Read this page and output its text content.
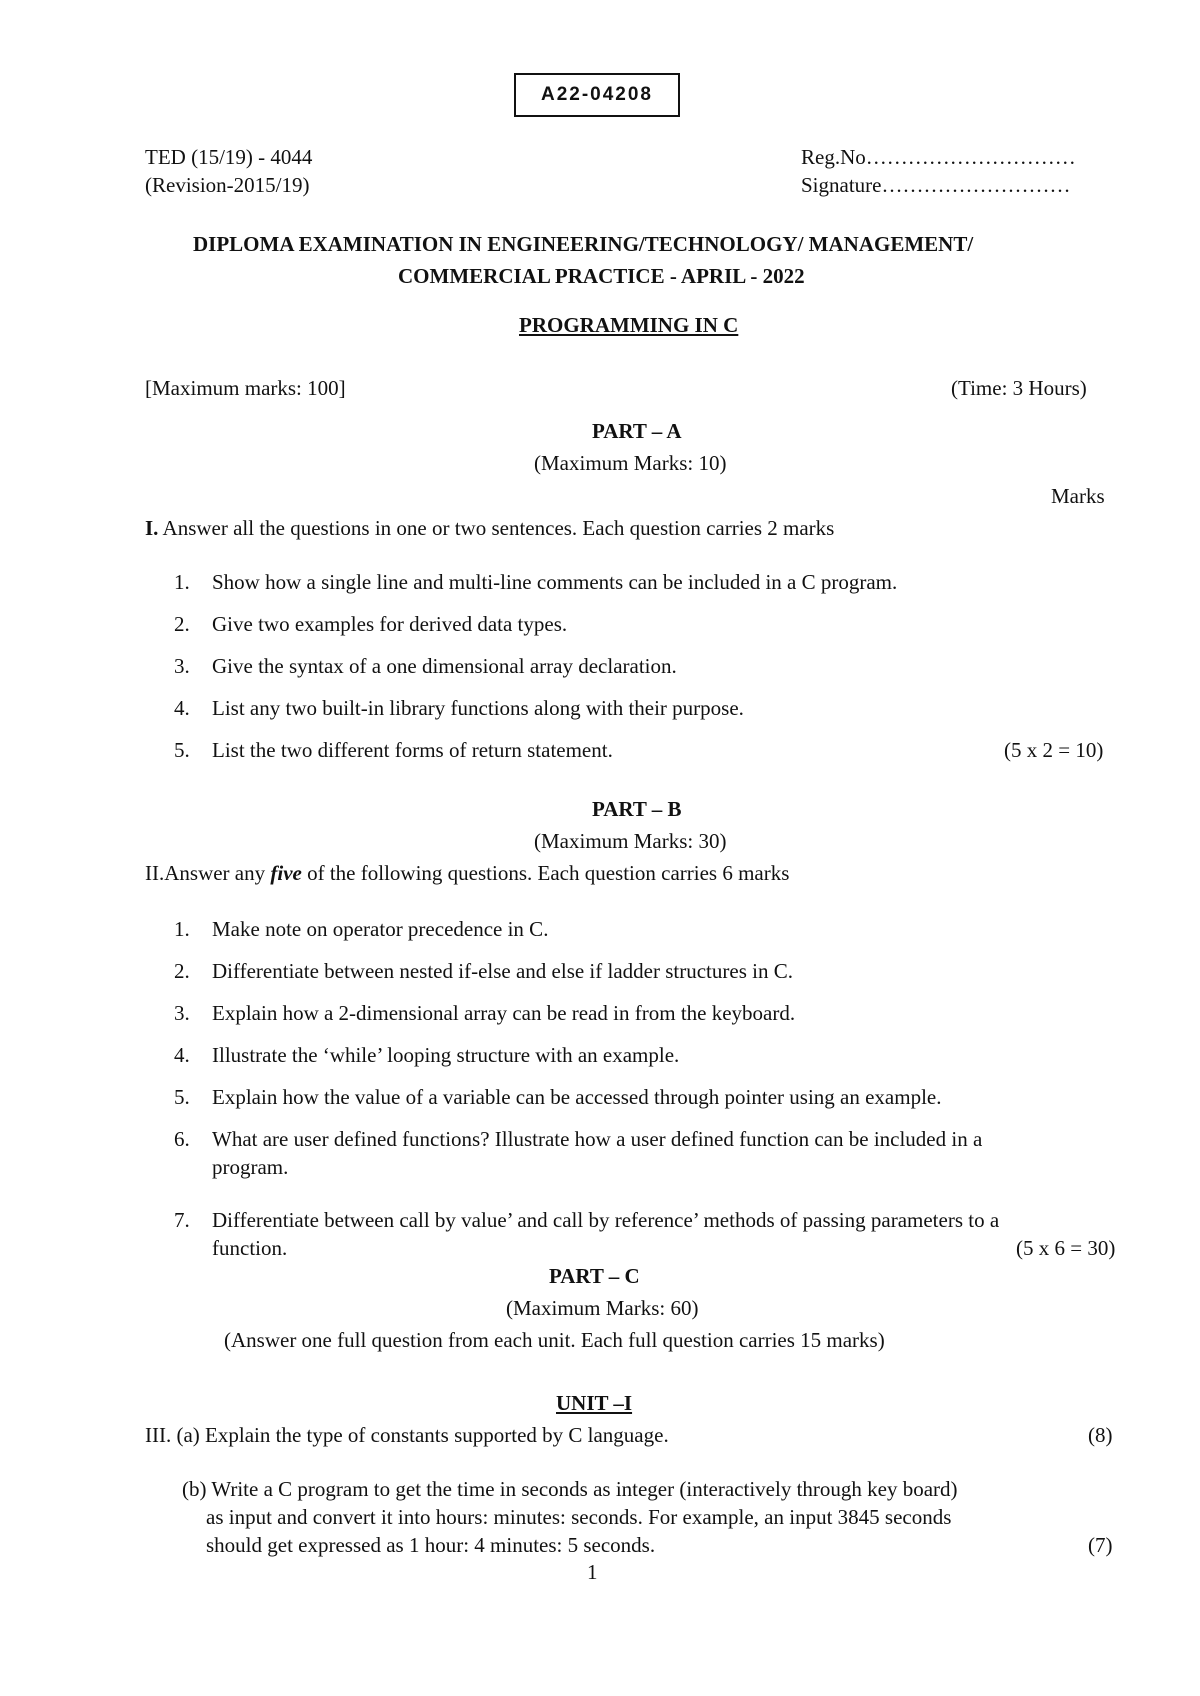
A22-04208
TED (15/19) - 4044
(Revision-2015/19)
Reg.No…………………………
Signature………………………
DIPLOMA EXAMINATION IN ENGINEERING/TECHNOLOGY/ MANAGEMENT/
COMMERCIAL PRACTICE - APRIL - 2022
PROGRAMMING IN C
[Maximum marks: 100]	(Time: 3 Hours)
PART – A
(Maximum Marks: 10)
Marks
I. Answer all the questions in one or two sentences. Each question carries 2 marks
1. Show how a single line and multi-line comments can be included in a C program.
2. Give two examples for derived data types.
3. Give the syntax of a one dimensional array declaration.
4. List any two built-in library functions along with their purpose.
5. List the two different forms of return statement.	(5 x 2 = 10)
PART – B
(Maximum Marks: 30)
II.Answer any five of the following questions. Each question carries 6 marks
1. Make note on operator precedence in C.
2. Differentiate between nested if-else and else if ladder structures in C.
3. Explain how a 2-dimensional array can be read in from the keyboard.
4. Illustrate the ‘while’ looping structure with an example.
5. Explain how the value of a variable can be accessed through pointer using an example.
6. What are user defined functions? Illustrate how a user defined function can be included in a
program.
7. Differentiate between call by value’ and call by reference’ methods of passing parameters to a
function.	(5 x 6 = 30)
PART – C
(Maximum Marks: 60)
(Answer one full question from each unit. Each full question carries 15 marks)
UNIT –I
III. (a) Explain the type of constants supported by C language.	(8)
(b) Write a C program to get the time in seconds as integer (interactively through key board)
as input and convert it into hours: minutes: seconds. For example, an input 3845 seconds
should get expressed as 1 hour: 4 minutes: 5 seconds.	(7)
1
